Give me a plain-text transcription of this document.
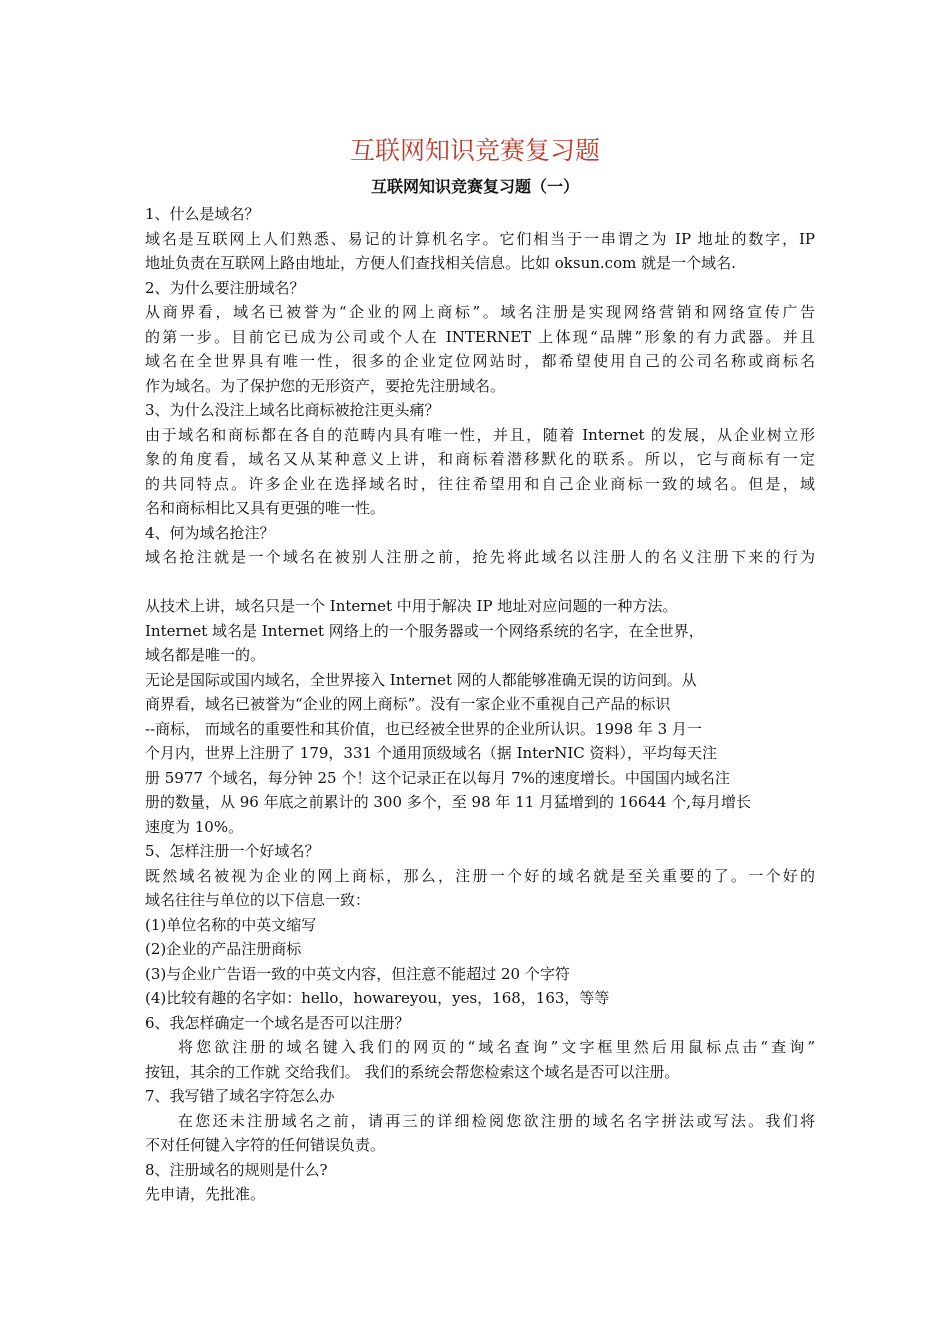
互联网知识竞赛复习题
互联网知识竞赛复习题（一）
1、什么是域名？
域名是互联网上人们熟悉、易记的计算机名字。它们相当于一串谓之为 IP 地址的数字，IP
地址负责在互联网上路由地址，方便人们查找相关信息。比如 oksun.com 就是一个域名.
2、为什么要注册域名？
从商界看，域名已被誉为“企业的网上商标”。域名注册是实现网络营销和网络宣传广告
的第一步。目前它已成为公司或个人在 INTERNET 上体现“品牌”形象的有力武器。并且
域名在全世界具有唯一性，很多的企业定位网站时，都希望使用自己的公司名称或商标名
作为域名。为了保护您的无形资产，要抢先注册域名。
3、为什么没注上域名比商标被抢注更头痛？
由于域名和商标都在各自的范畴内具有唯一性，并且，随着 Internet 的发展，从企业树立形
象的角度看，域名又从某种意义上讲，和商标着潜移默化的联系。所以，它与商标有一定
的共同特点。许多企业在选择域名时，往往希望用和自己企业商标一致的域名。但是，域
名和商标相比又具有更强的唯一性。
4、何为域名抢注？
域名抢注就是一个域名在被别人注册之前，抢先将此域名以注册人的名义注册下来的行为
从技术上讲，域名只是一个 Internet 中用于解决 IP 地址对应问题的一种方法。
Internet 域名是 Internet 网络上的一个服务器或一个网络系统的名字，在全世界，
域名都是唯一的。
无论是国际或国内域名，全世界接入 Internet 网的人都能够准确无误的访问到。从
商界看，域名已被誉为“企业的网上商标”。没有一家企业不重视自己产品的标识
--商标， 而域名的重要性和其价值，也已经被全世界的企业所认识。1998 年 3 月一
个月内，世界上注册了 179，331 个通用顶级域名（据 InterNIC 资料），平均每天注
册 5977 个域名，每分钟 25 个！这个记录正在以每月 7%的速度增长。中国国内域名注
册的数量，从 96 年底之前累计的 300 多个，至 98 年 11 月猛增到的 16644 个,每月增长
速度为 10%。
5、怎样注册一个好域名？
既然域名被视为企业的网上商标，那么，注册一个好的域名就是至关重要的了。一个好的
域名往往与单位的以下信息一致：
(1)单位名称的中英文缩写
(2)企业的产品注册商标
(3)与企业广告语一致的中英文内容，但注意不能超过 20 个字符
(4)比较有趣的名字如：hello，howareyou，yes，168，163，等等
6、我怎样确定一个域名是否可以注册？
将您欲注册的域名键入我们的网页的“域名查询”文字框里然后用鼠标点击“查询”
按钮，其余的工作就 交给我们。 我们的系统会帮您检索这个域名是否可以注册。
7、我写错了域名字符怎么办
在您还未注册域名之前，请再三的详细检阅您欲注册的域名名字拼法或写法。我们将
不对任何键入字符的任何错误负责。
8、注册域名的规则是什么?
先申请，先批准。
